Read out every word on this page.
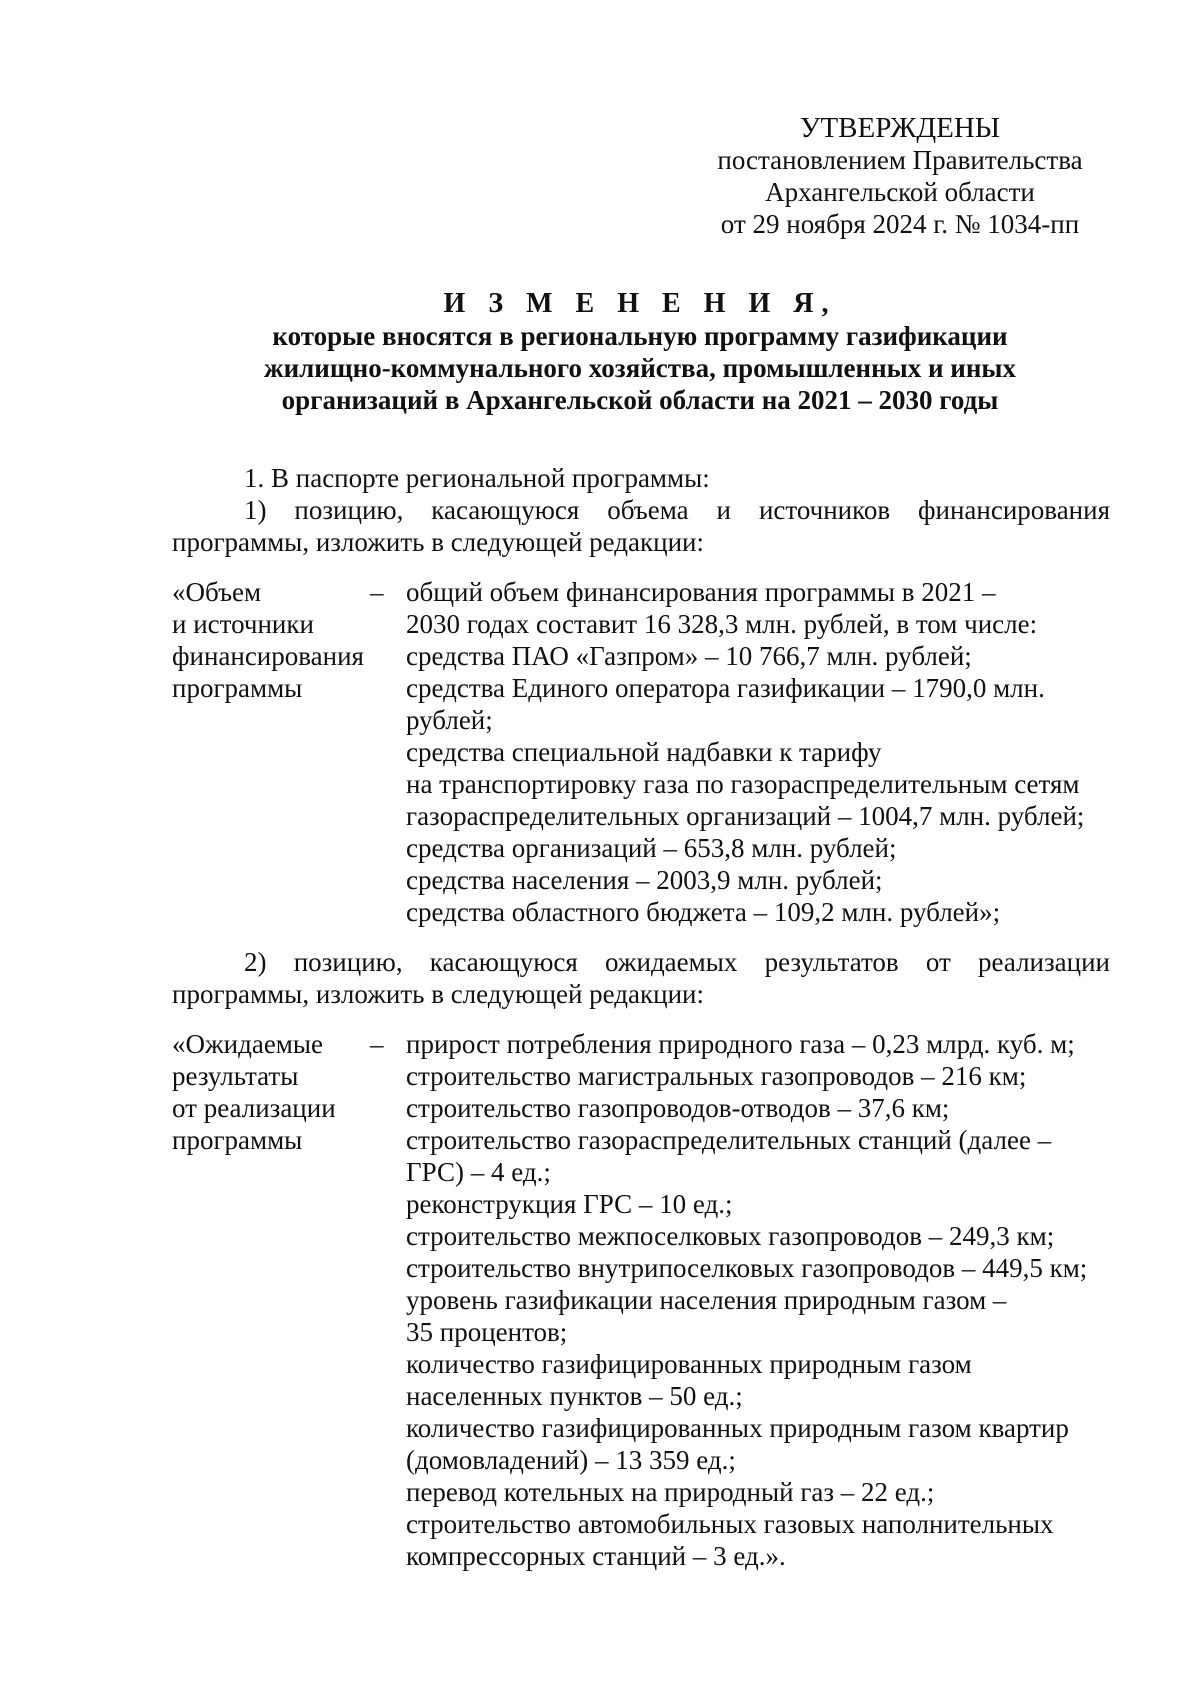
УТВЕРЖДЕНЫ
постановлением Правительства
Архангельской области
от 29 ноября 2024 г. № 1034-пп
И З М Е Н Е Н И Я,
которые вносятся в региональную программу газификации
жилищно-коммунального хозяйства, промышленных и иных
организаций в Архангельской области на 2021 – 2030 годы

1. В паспорте региональной программы:

1) позицию, касающуюся объема и источников финансирования программы, изложить в следующей редакции:

«Объем
и источники
финансирования
программы
– общий объем финансирования программы в 2021 –
2030 годах составит 16 328,3 млн. рублей, в том числе:
средства ПАО «Газпром» – 10 766,7 млн. рублей;
средства Единого оператора газификации – 1790,0 млн.
рублей;
средства специальной надбавки к тарифу
на транспортировку газа по газораспределительным сетям
газораспределительных организаций – 1004,7 млн. рублей;
средства организаций – 653,8 млн. рублей;
средства населения – 2003,9 млн. рублей;
средства областного бюджета – 109,2 млн. рублей»;

2) позицию, касающуюся ожидаемых результатов от реализации программы, изложить в следующей редакции:

«Ожидаемые
результаты
от реализации
программы
– прирост потребления природного газа – 0,23 млрд. куб. м;
строительство магистральных газопроводов – 216 км;
строительство газопроводов-отводов – 37,6 км;
строительство газораспределительных станций (далее –
ГРС) – 4 ед.;
реконструкция ГРС – 10 ед.;
строительство межпоселковых газопроводов – 249,3 км;
строительство внутрипоселковых газопроводов – 449,5 км;
уровень газификации населения природным газом –
35 процентов;
количество газифицированных природным газом
населенных пунктов – 50 ед.;
количество газифицированных природным газом квартир
(домовладений) – 13 359 ед.;
перевод котельных на природный газ – 22 ед.;
строительство автомобильных газовых наполнительных
компрессорных станций – 3 ед.».
